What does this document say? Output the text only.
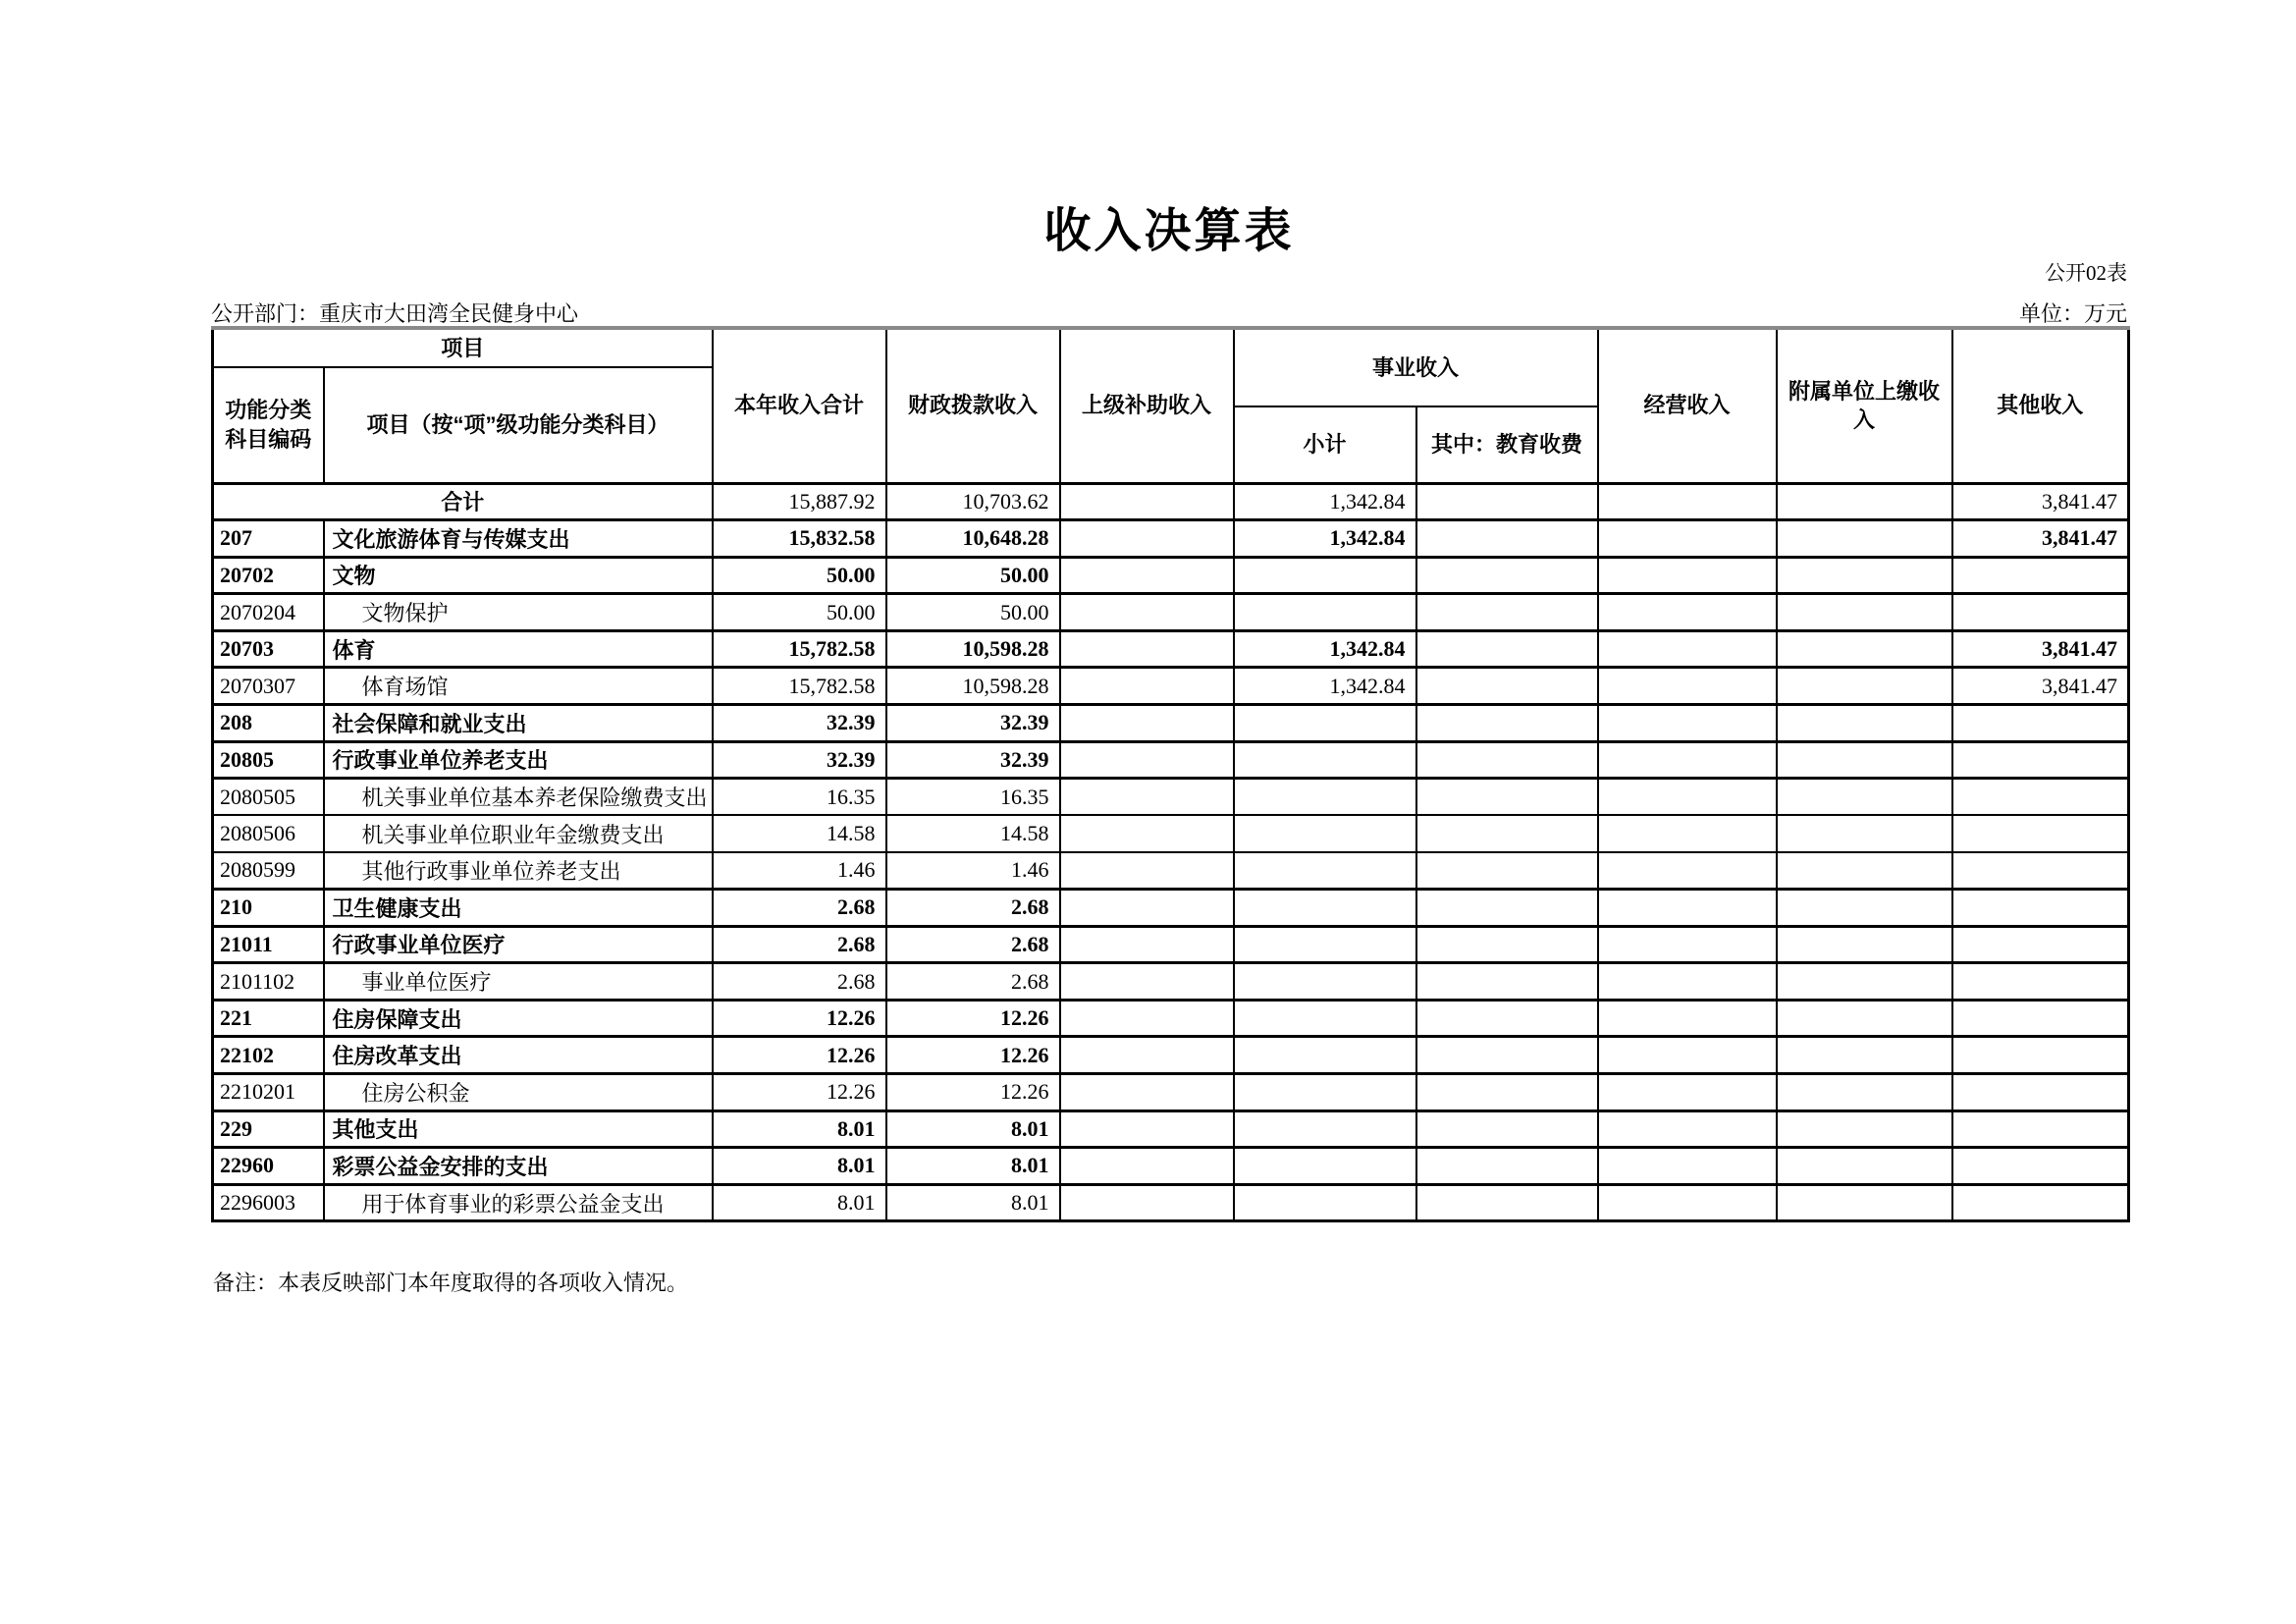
收入决算表
公开02表
公开部门：重庆市大田湾全民健身中心	单位：万元
项目		本年收入合计	财政拨款收入	上级补助收入	事业收入		经营收入	附属单位上缴收入	其他收入
功能分类科目编码	项目（按“项”级功能分类科目）								
					小计	其中：教育收费			
合计		15,887.92	10,703.62		1,342.84				3,841.47
207	文化旅游体育与传媒支出	15,832.58	10,648.28		1,342.84				3,841.47
20702	文物	50.00	50.00						
2070204	文物保护	50.00	50.00						
20703	体育	15,782.58	10,598.28		1,342.84				3,841.47
2070307	体育场馆	15,782.58	10,598.28		1,342.84				3,841.47
208	社会保障和就业支出	32.39	32.39						
20805	行政事业单位养老支出	32.39	32.39						
2080505	机关事业单位基本养老保险缴费支出	16.35	16.35						
2080506	机关事业单位职业年金缴费支出	14.58	14.58						
2080599	其他行政事业单位养老支出	1.46	1.46						
210	卫生健康支出	2.68	2.68						
21011	行政事业单位医疗	2.68	2.68						
2101102	事业单位医疗	2.68	2.68						
221	住房保障支出	12.26	12.26						
22102	住房改革支出	12.26	12.26						
2210201	住房公积金	12.26	12.26						
229	其他支出	8.01	8.01						
22960	彩票公益金安排的支出	8.01	8.01						
2296003	用于体育事业的彩票公益金支出	8.01	8.01						
备注：本表反映部门本年度取得的各项收入情况。
